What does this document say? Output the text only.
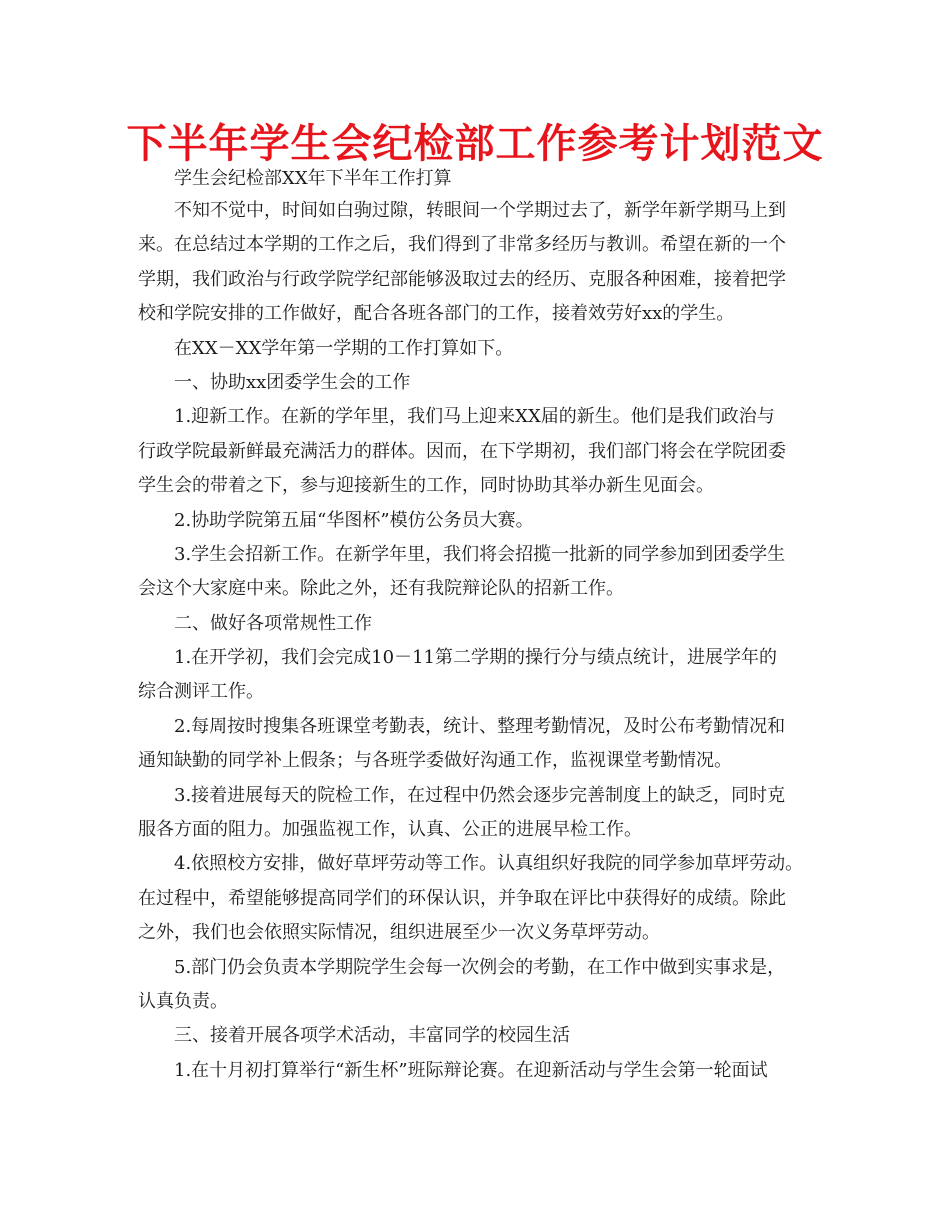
下半年学生会纪检部工作参考计划范文
学生会纪检部XX年下半年工作打算
不知不觉中，时间如白驹过隙，转眼间一个学期过去了，新学年新学期马上到
来。在总结过本学期的工作之后，我们得到了非常多经历与教训。希望在新的一个
学期，我们政治与行政学院学纪部能够汲取过去的经历、克服各种困难，接着把学
校和学院安排的工作做好，配合各班各部门的工作，接着效劳好xx的学生。
在XX－XX学年第一学期的工作打算如下。
一、协助xx团委学生会的工作
1.迎新工作。在新的学年里，我们马上迎来XX届的新生。他们是我们政治与
行政学院最新鲜最充满活力的群体。因而，在下学期初，我们部门将会在学院团委
学生会的带着之下，参与迎接新生的工作，同时协助其举办新生见面会。
2.协助学院第五届“华图杯”模仿公务员大赛。
3.学生会招新工作。在新学年里，我们将会招揽一批新的同学参加到团委学生
会这个大家庭中来。除此之外，还有我院辩论队的招新工作。
二、做好各项常规性工作
1.在开学初，我们会完成10－11第二学期的操行分与绩点统计，进展学年的
综合测评工作。
2.每周按时搜集各班课堂考勤表，统计、整理考勤情况，及时公布考勤情况和
通知缺勤的同学补上假条；与各班学委做好沟通工作，监视课堂考勤情况。
3.接着进展每天的院检工作，在过程中仍然会逐步完善制度上的缺乏，同时克
服各方面的阻力。加强监视工作，认真、公正的进展早检工作。
4.依照校方安排，做好草坪劳动等工作。认真组织好我院的同学参加草坪劳动。
在过程中，希望能够提高同学们的环保认识，并争取在评比中获得好的成绩。除此
之外，我们也会依照实际情况，组织进展至少一次义务草坪劳动。
5.部门仍会负责本学期院学生会每一次例会的考勤，在工作中做到实事求是，
认真负责。
三、接着开展各项学术活动，丰富同学的校园生活
1.在十月初打算举行“新生杯”班际辩论赛。在迎新活动与学生会第一轮面试
